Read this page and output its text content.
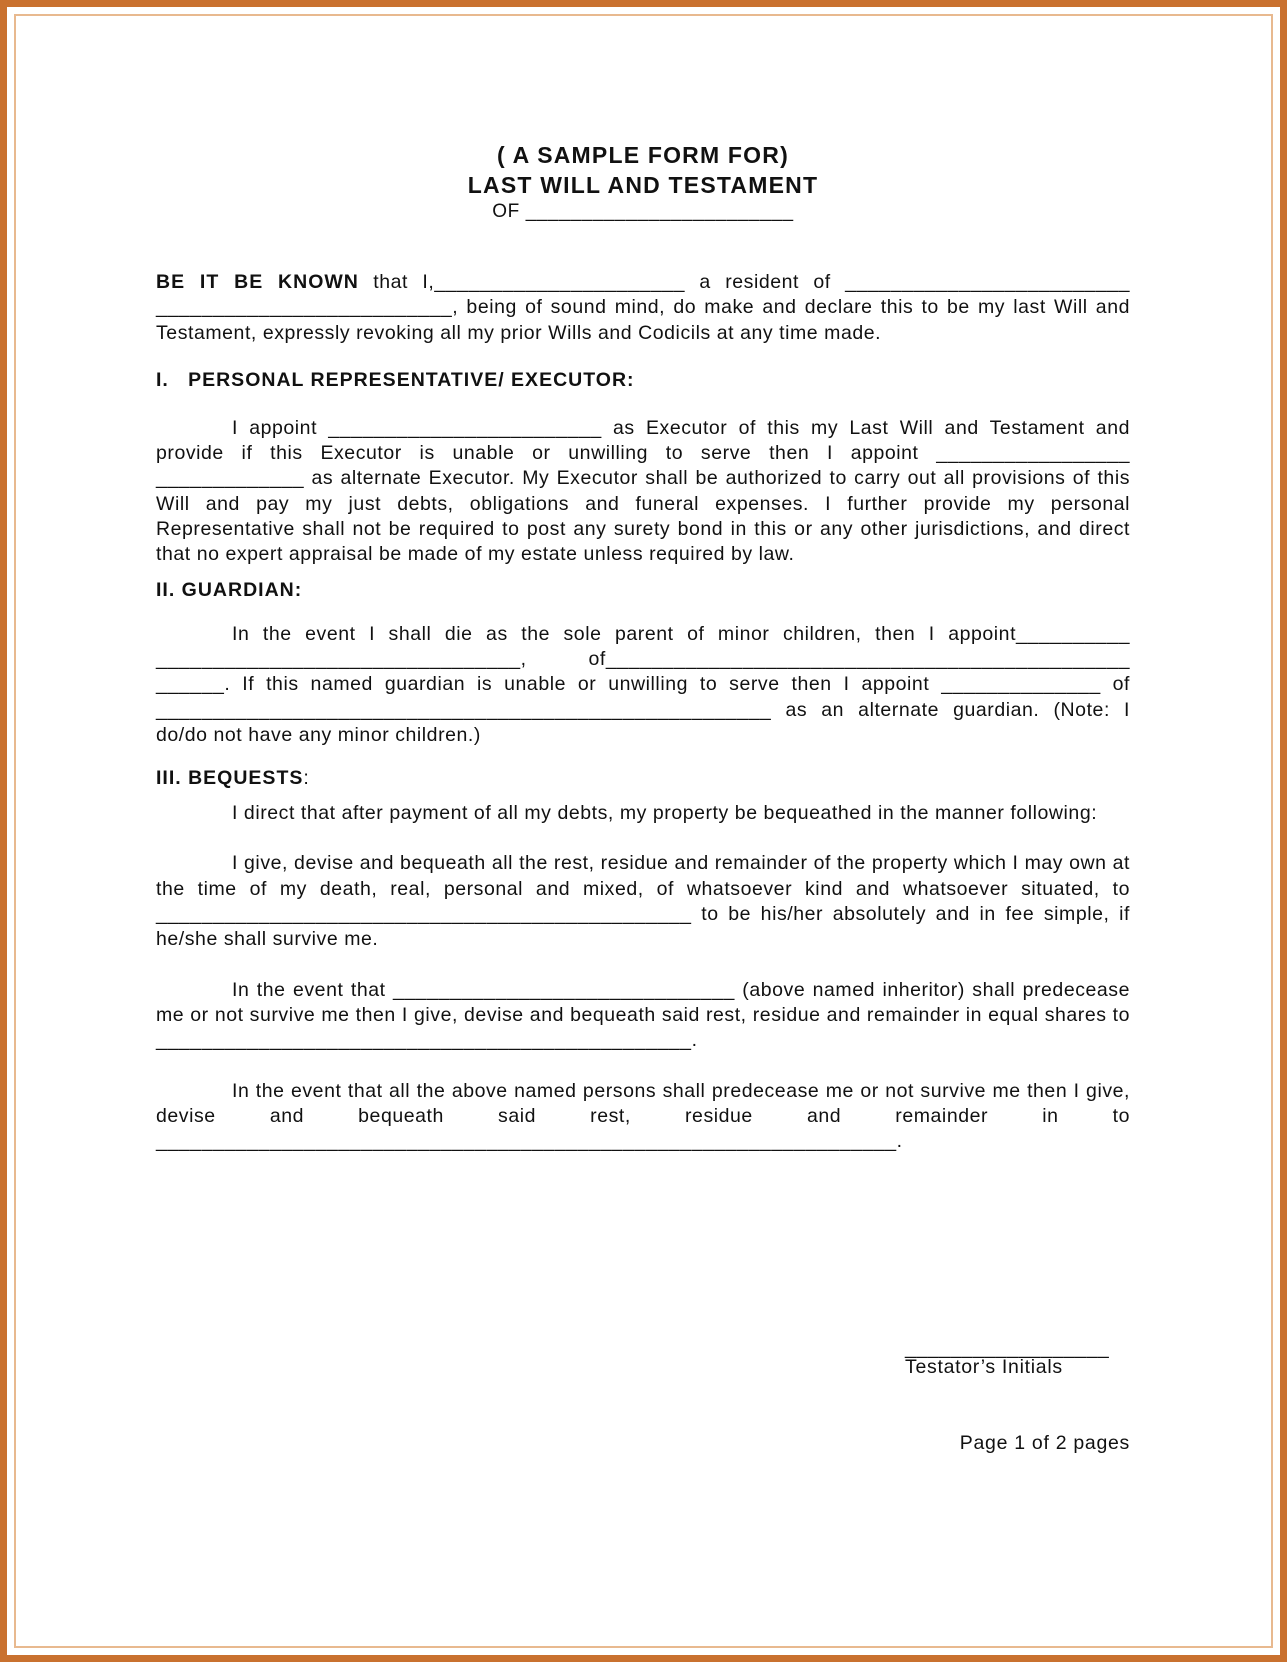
( A SAMPLE FORM FOR)
LAST WILL AND TESTAMENT
OF ________________________

BE IT BE KNOWN that I,______________________ a resident of _________________________ __________________________, being of sound mind, do make and declare this to be my last Will and Testament, expressly revoking all my prior Wills and Codicils at any time made.

I.   PERSONAL REPRESENTATIVE/ EXECUTOR:

I appoint ________________________ as Executor of this my Last Will and Testament and provide if this Executor is unable or unwilling to serve then I appoint _________________ _____________ as alternate Executor. My Executor shall be authorized to carry out all provisions of this Will and pay my just debts, obligations and funeral expenses. I further provide my personal Representative shall not be required to post any surety bond in this or any other jurisdictions, and direct that no expert appraisal be made of my estate unless required by law.

II. GUARDIAN:

In the event I shall die as the sole parent of minor children, then I appoint__________ ________________________________, of______________________________________________ ______. If this named guardian is unable or unwilling to serve then I appoint ______________ of ______________________________________________________ as an alternate guardian. (Note: I do/do not have any minor children.)

III. BEQUESTS:

I direct that after payment of all my debts, my property be bequeathed in the manner following:

I give, devise and bequeath all the rest, residue and remainder of the property which I may own at the time of my death, real, personal and mixed, of whatsoever kind and whatsoever situated, to _______________________________________________ to be his/her absolutely and in fee simple, if he/she shall survive me.

In the event that ______________________________ (above named inheritor) shall predecease me or not survive me then I give, devise and bequeath said rest, residue and remainder in equal shares to _______________________________________________.

In the event that all the above named persons shall predecease me or not survive me then I give, devise and bequeath said rest, residue and remainder in to _________________________________________________________________.

__________________
Testator’s Initials
Page 1 of 2 pages
